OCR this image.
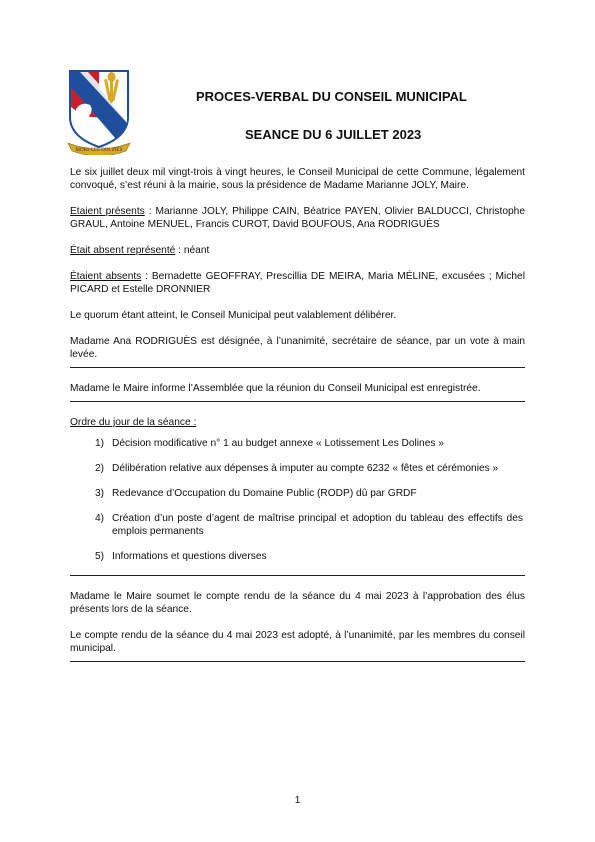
MORS LES DOLINES
PROCES-VERBAL DU CONSEIL MUNICIPAL
SEANCE DU 6 JUILLET 2023

Le six juillet deux mil vingt-trois à vingt heures, le Conseil Municipal de cette Commune, légalement convoqué, s’est réuni à la mairie, sous la présidence de Madame Marianne JOLY, Maire.

Etaient présents : Marianne JOLY, Philippe CAIN, Béatrice PAYEN, Olivier BALDUCCI, Christophe GRAUL, Antoine MENUEL, Francis CUROT, David BOUFOUS, Ana RODRIGUÈS

Était absent représenté : néant

Étaient absents : Bernadette GEOFFRAY, Prescillia DE MEIRA, Maria MÉLINE, excusées ; Michel PICARD et Estelle DRONNIER

Le quorum étant atteint, le Conseil Municipal peut valablement délibérer.

Madame Ana RODRIGUÈS est désignée, à l’unanimité, secrétaire de séance, par un vote à main levée.

Madame le Maire informe l’Assemblée que la réunion du Conseil Municipal est enregistrée.

Ordre du jour de la séance :

1) Décision modificative n° 1 au budget annexe « Lotissement Les Dolines »
2) Délibération relative aux dépenses à imputer au compte 6232 « fêtes et cérémonies »
3) Redevance d’Occupation du Domaine Public (RODP) dû par GRDF
4) Création d’un poste d’agent de maîtrise principal et adoption du tableau des effectifs des emplois permanents
5) Informations et questions diverses

Madame le Maire soumet le compte rendu de la séance du 4 mai 2023 à l’approbation des élus présents lors de la séance.

Le compte rendu de la séance du 4 mai 2023 est adopté, à l’unanimité, par les membres du conseil municipal.

1
